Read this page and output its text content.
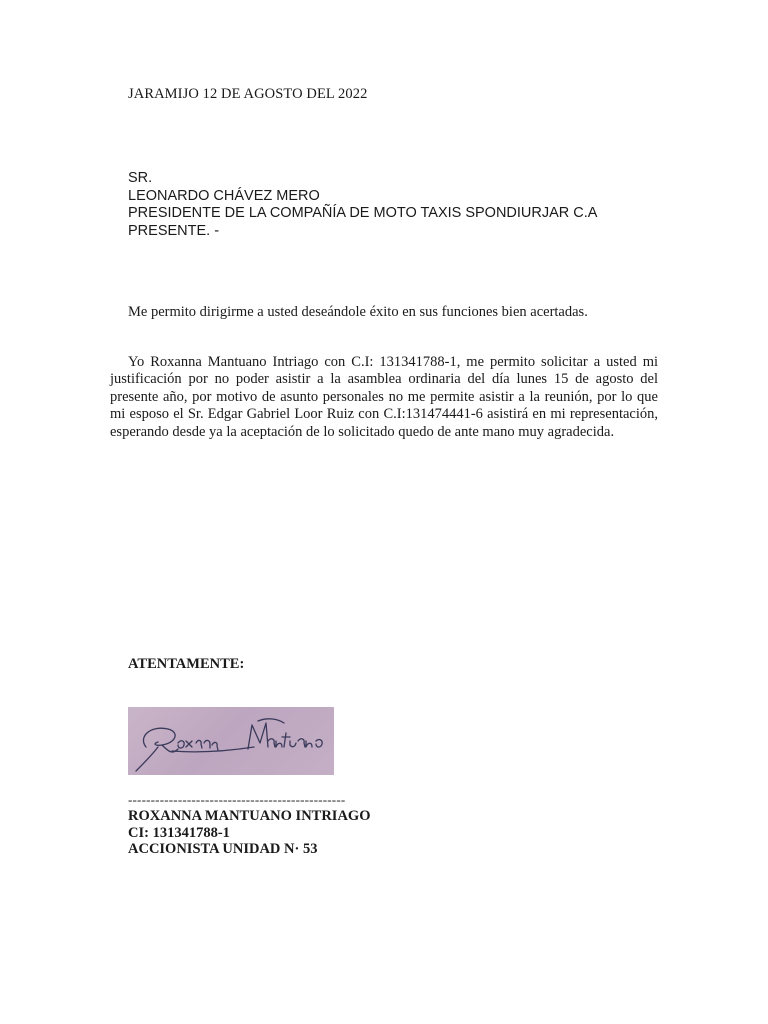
JARAMIJO 12 DE AGOSTO DEL 2022
SR.
LEONARDO CHÁVEZ MERO
PRESIDENTE DE LA COMPAÑÍA DE MOTO TAXIS SPONDIURJAR C.A
PRESENTE. -
Me permito dirigirme a usted deseándole éxito en sus funciones bien acertadas.
Yo Roxanna Mantuano Intriago con C.I: 131341788-1, me permito solicitar a usted mi justificación por no poder asistir a la asamblea ordinaria del día lunes 15 de agosto del presente año, por motivo de asunto personales no me permite asistir a la reunión, por lo que mi esposo el Sr. Edgar Gabriel Loor Ruiz con C.I:131474441-6 asistirá en mi representación, esperando desde ya la aceptación de lo solicitado quedo de ante mano muy agradecida.
ATENTAMENTE:
------------------------------------------------
ROXANNA MANTUANO INTRIAGO
CI: 131341788-1
ACCIONISTA UNIDAD N· 53
